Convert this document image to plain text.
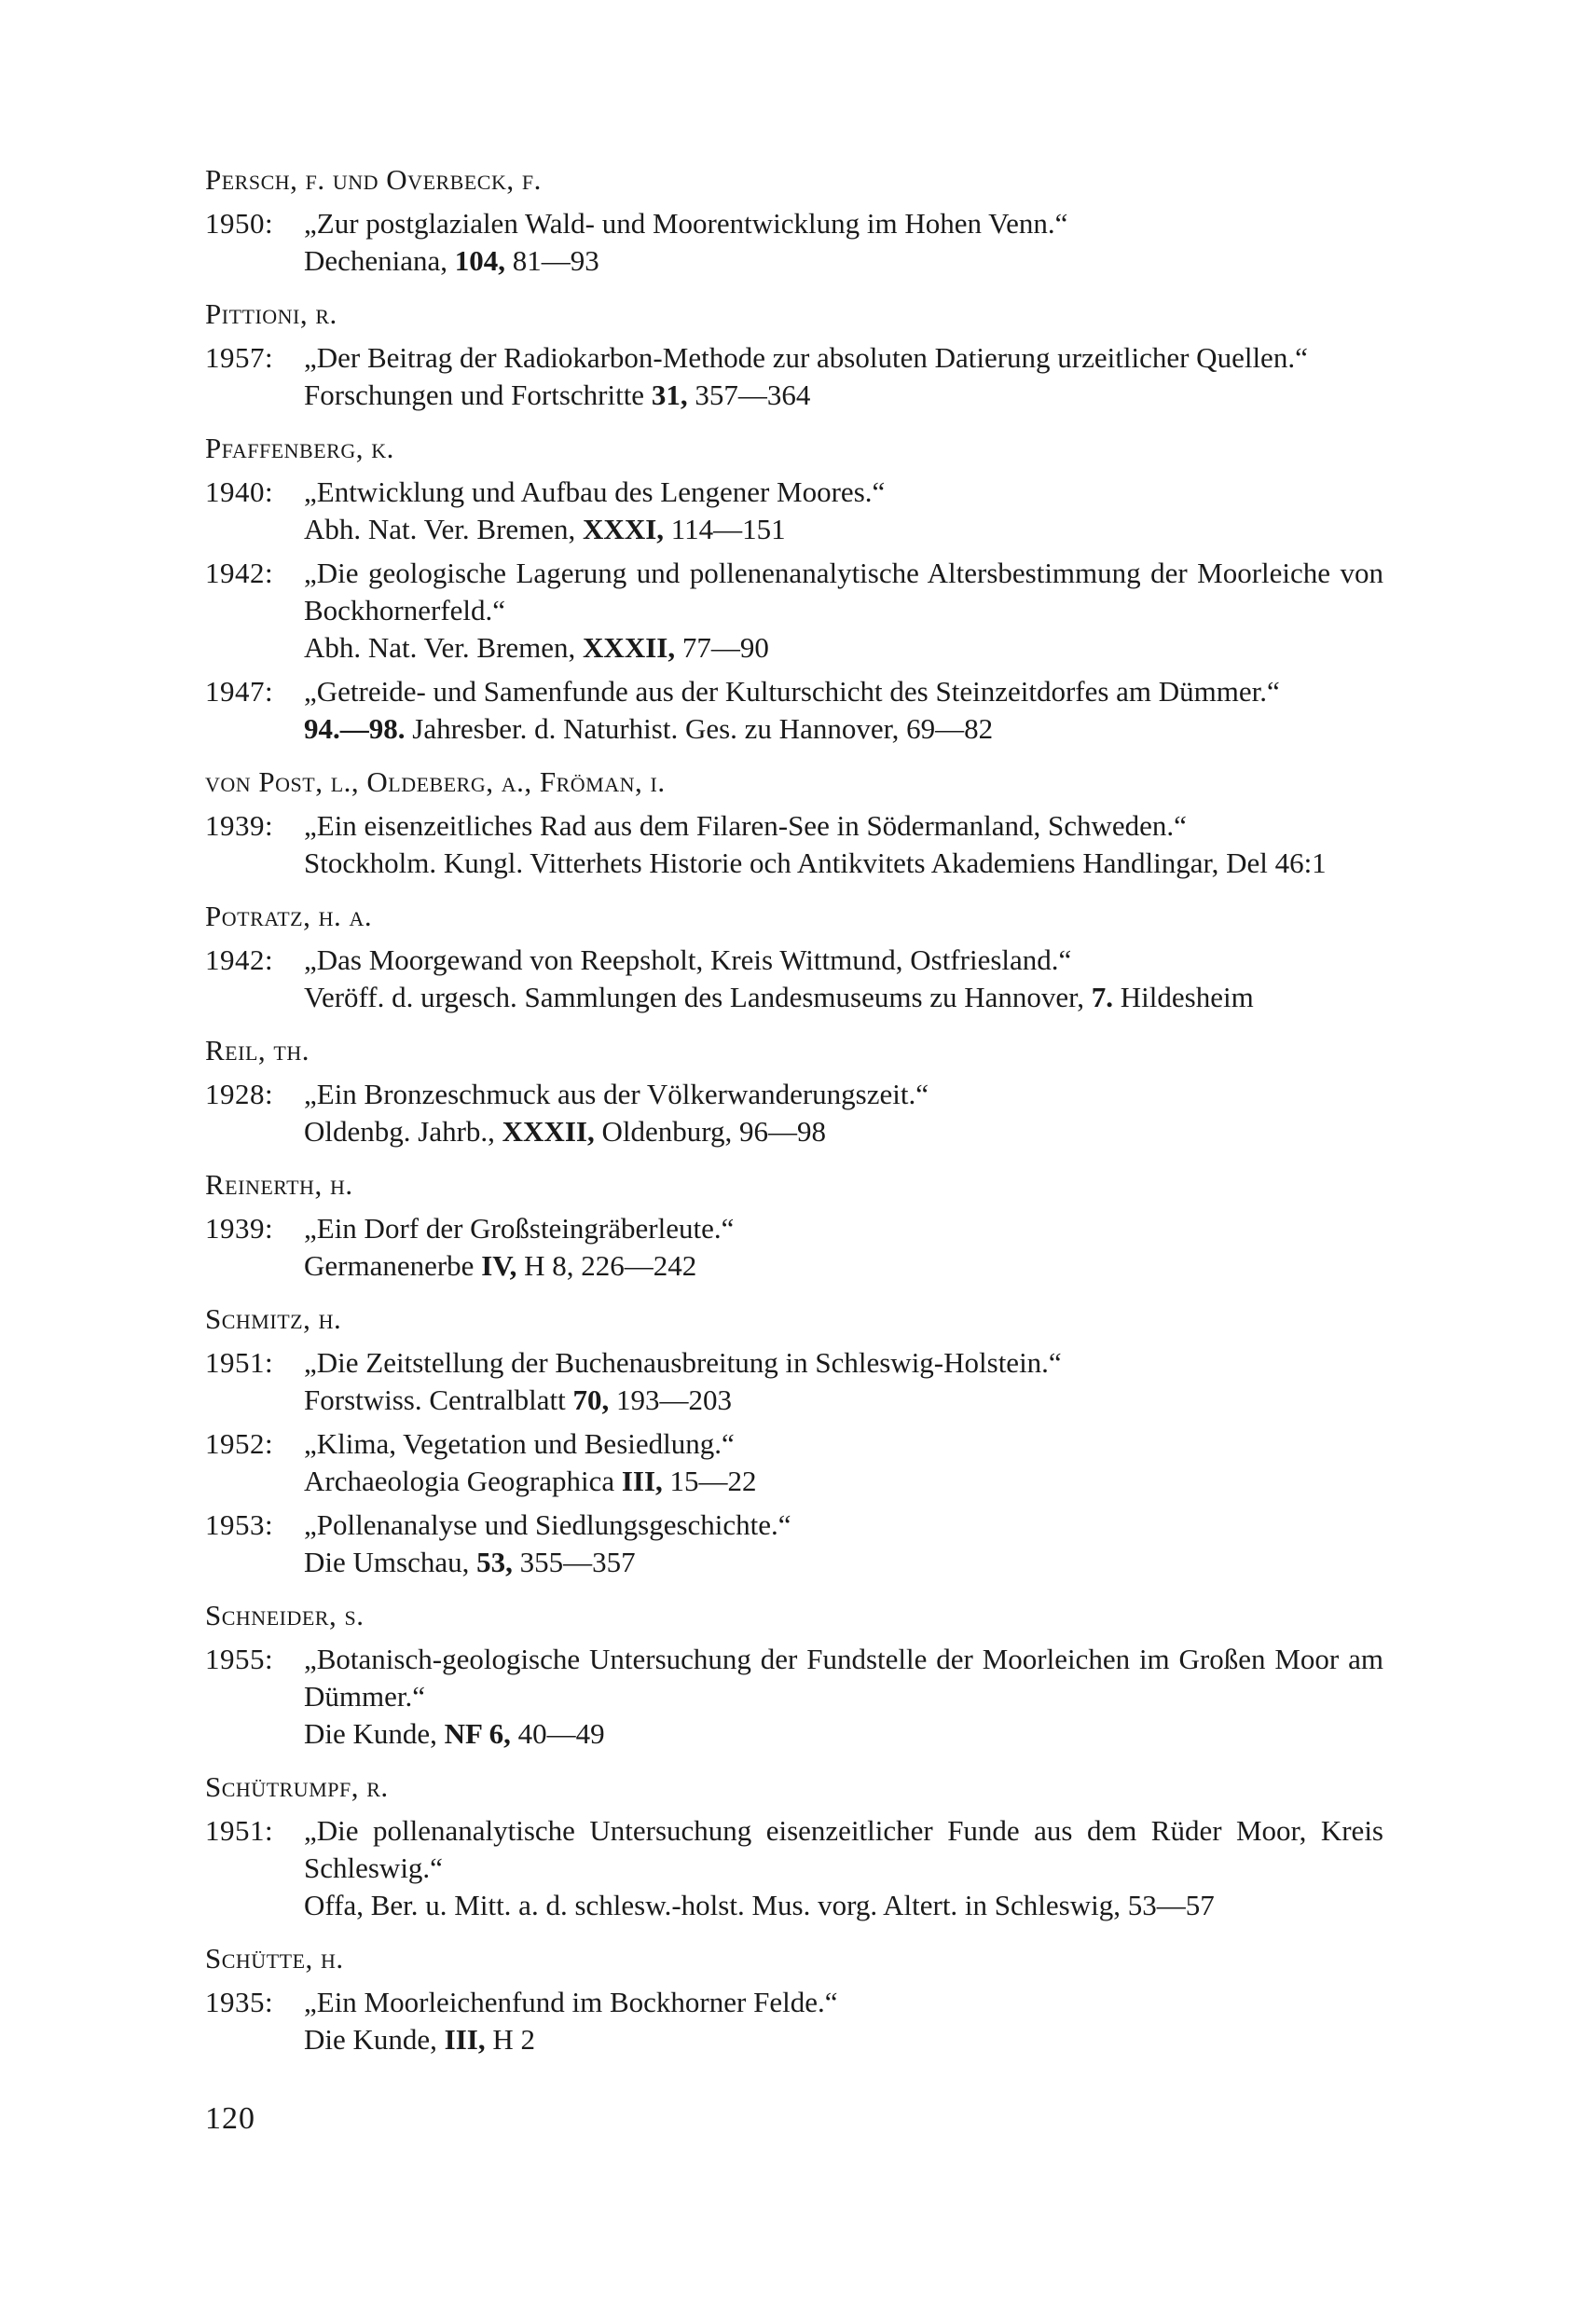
Persch, f. und Overbeck, f.
1950:	„Zur postglazialen Wald- und Moorentwicklung im Hohen Venn.“
Decheniana, 104, 81—93
Pittioni, r.
1957:	„Der Beitrag der Radiokarbon-Methode zur absoluten Datierung urzeitlicher Quellen.“
Forschungen und Fortschritte 31, 357—364
Pfaffenberg, k.
1940:	„Entwicklung und Aufbau des Lengener Moores.“
Abh. Nat. Ver. Bremen, XXXI, 114—151
1942:	„Die geologische Lagerung und pollenenanalytische Altersbestimmung der Moorleiche von Bockhornerfeld.“
Abh. Nat. Ver. Bremen, XXXII, 77—90
1947:	„Getreide- und Samenfunde aus der Kulturschicht des Steinzeitdorfes am Dümmer.“
94.—98. Jahresber. d. Naturhist. Ges. zu Hannover, 69—82
von Post, l., Oldeberg, a., Fröman, i.
1939:	„Ein eisenzeitliches Rad aus dem Filaren-See in Södermanland, Schweden.“
Stockholm. Kungl. Vitterhets Historie och Antikvitets Akademiens Handlingar, Del 46:1
Potratz, h. a.
1942:	„Das Moorgewand von Reepsholt, Kreis Wittmund, Ostfriesland.“
Veröff. d. urgesch. Sammlungen des Landesmuseums zu Hannover, 7. Hildesheim
Reil, th.
1928:	„Ein Bronzeschmuck aus der Völkerwanderungszeit.“
Oldenbg. Jahrb., XXXII, Oldenburg, 96—98
Reinerth, h.
1939:	„Ein Dorf der Großsteingräberleute.“
Germanenerbe IV, H 8, 226—242
Schmitz, h.
1951:	„Die Zeitstellung der Buchenausbreitung in Schleswig-Holstein.“
Forstwiss. Centralblatt 70, 193—203
1952:	„Klima, Vegetation und Besiedlung.“
Archaeologia Geographica III, 15—22
1953:	„Pollenanalyse und Siedlungsgeschichte.“
Die Umschau, 53, 355—357
Schneider, s.
1955:	„Botanisch-geologische Untersuchung der Fundstelle der Moorleichen im Großen Moor am Dümmer.“
Die Kunde, NF 6, 40—49
Schütrumpf, r.
1951:	„Die pollenanalytische Untersuchung eisenzeitlicher Funde aus dem Rüder Moor, Kreis Schleswig.“
Offa, Ber. u. Mitt. a. d. schlesw.-holst. Mus. vorg. Altert. in Schleswig, 53—57
Schütte, h.
1935:	„Ein Moorleichenfund im Bockhorner Felde.“
Die Kunde, III, H 2
120
